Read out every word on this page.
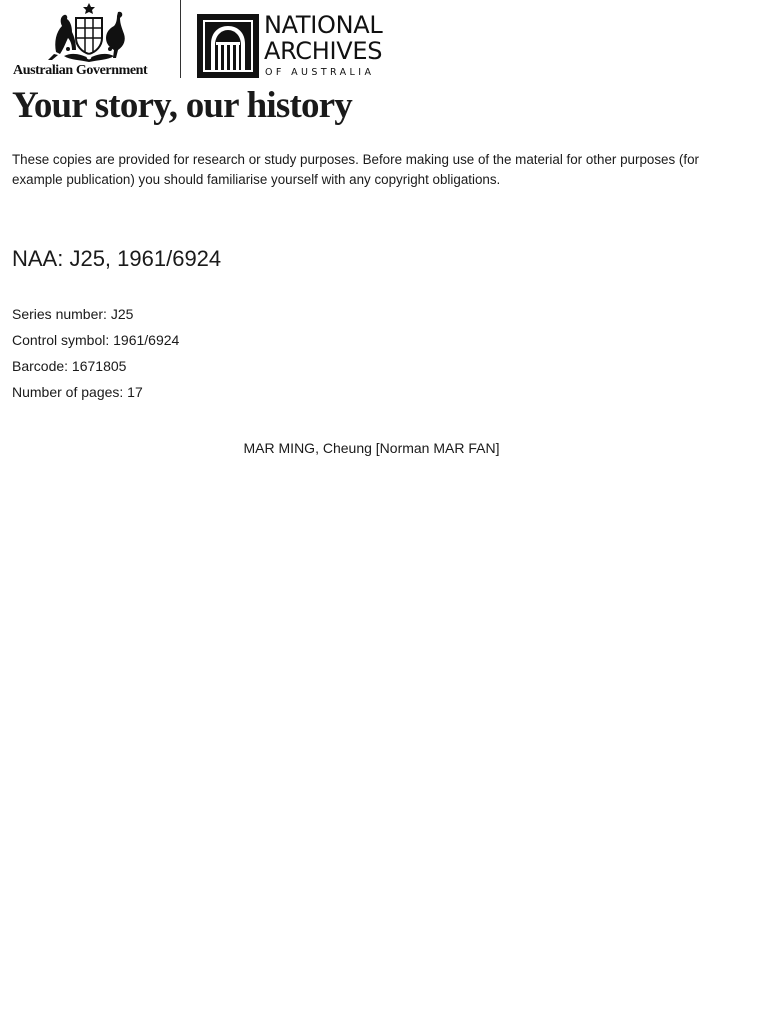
Australian Government
NATIONAL
ARCHIVES
OF AUSTRALIA
Your story, our history
These copies are provided for research or study purposes. Before making use of the material for other purposes (for example publication) you should familiarise yourself with any copyright obligations.
NAA: J25, 1961/6924
Series number: J25
Control symbol: 1961/6924
Barcode: 1671805
Number of pages: 17
MAR MING, Cheung [Norman MAR FAN]
